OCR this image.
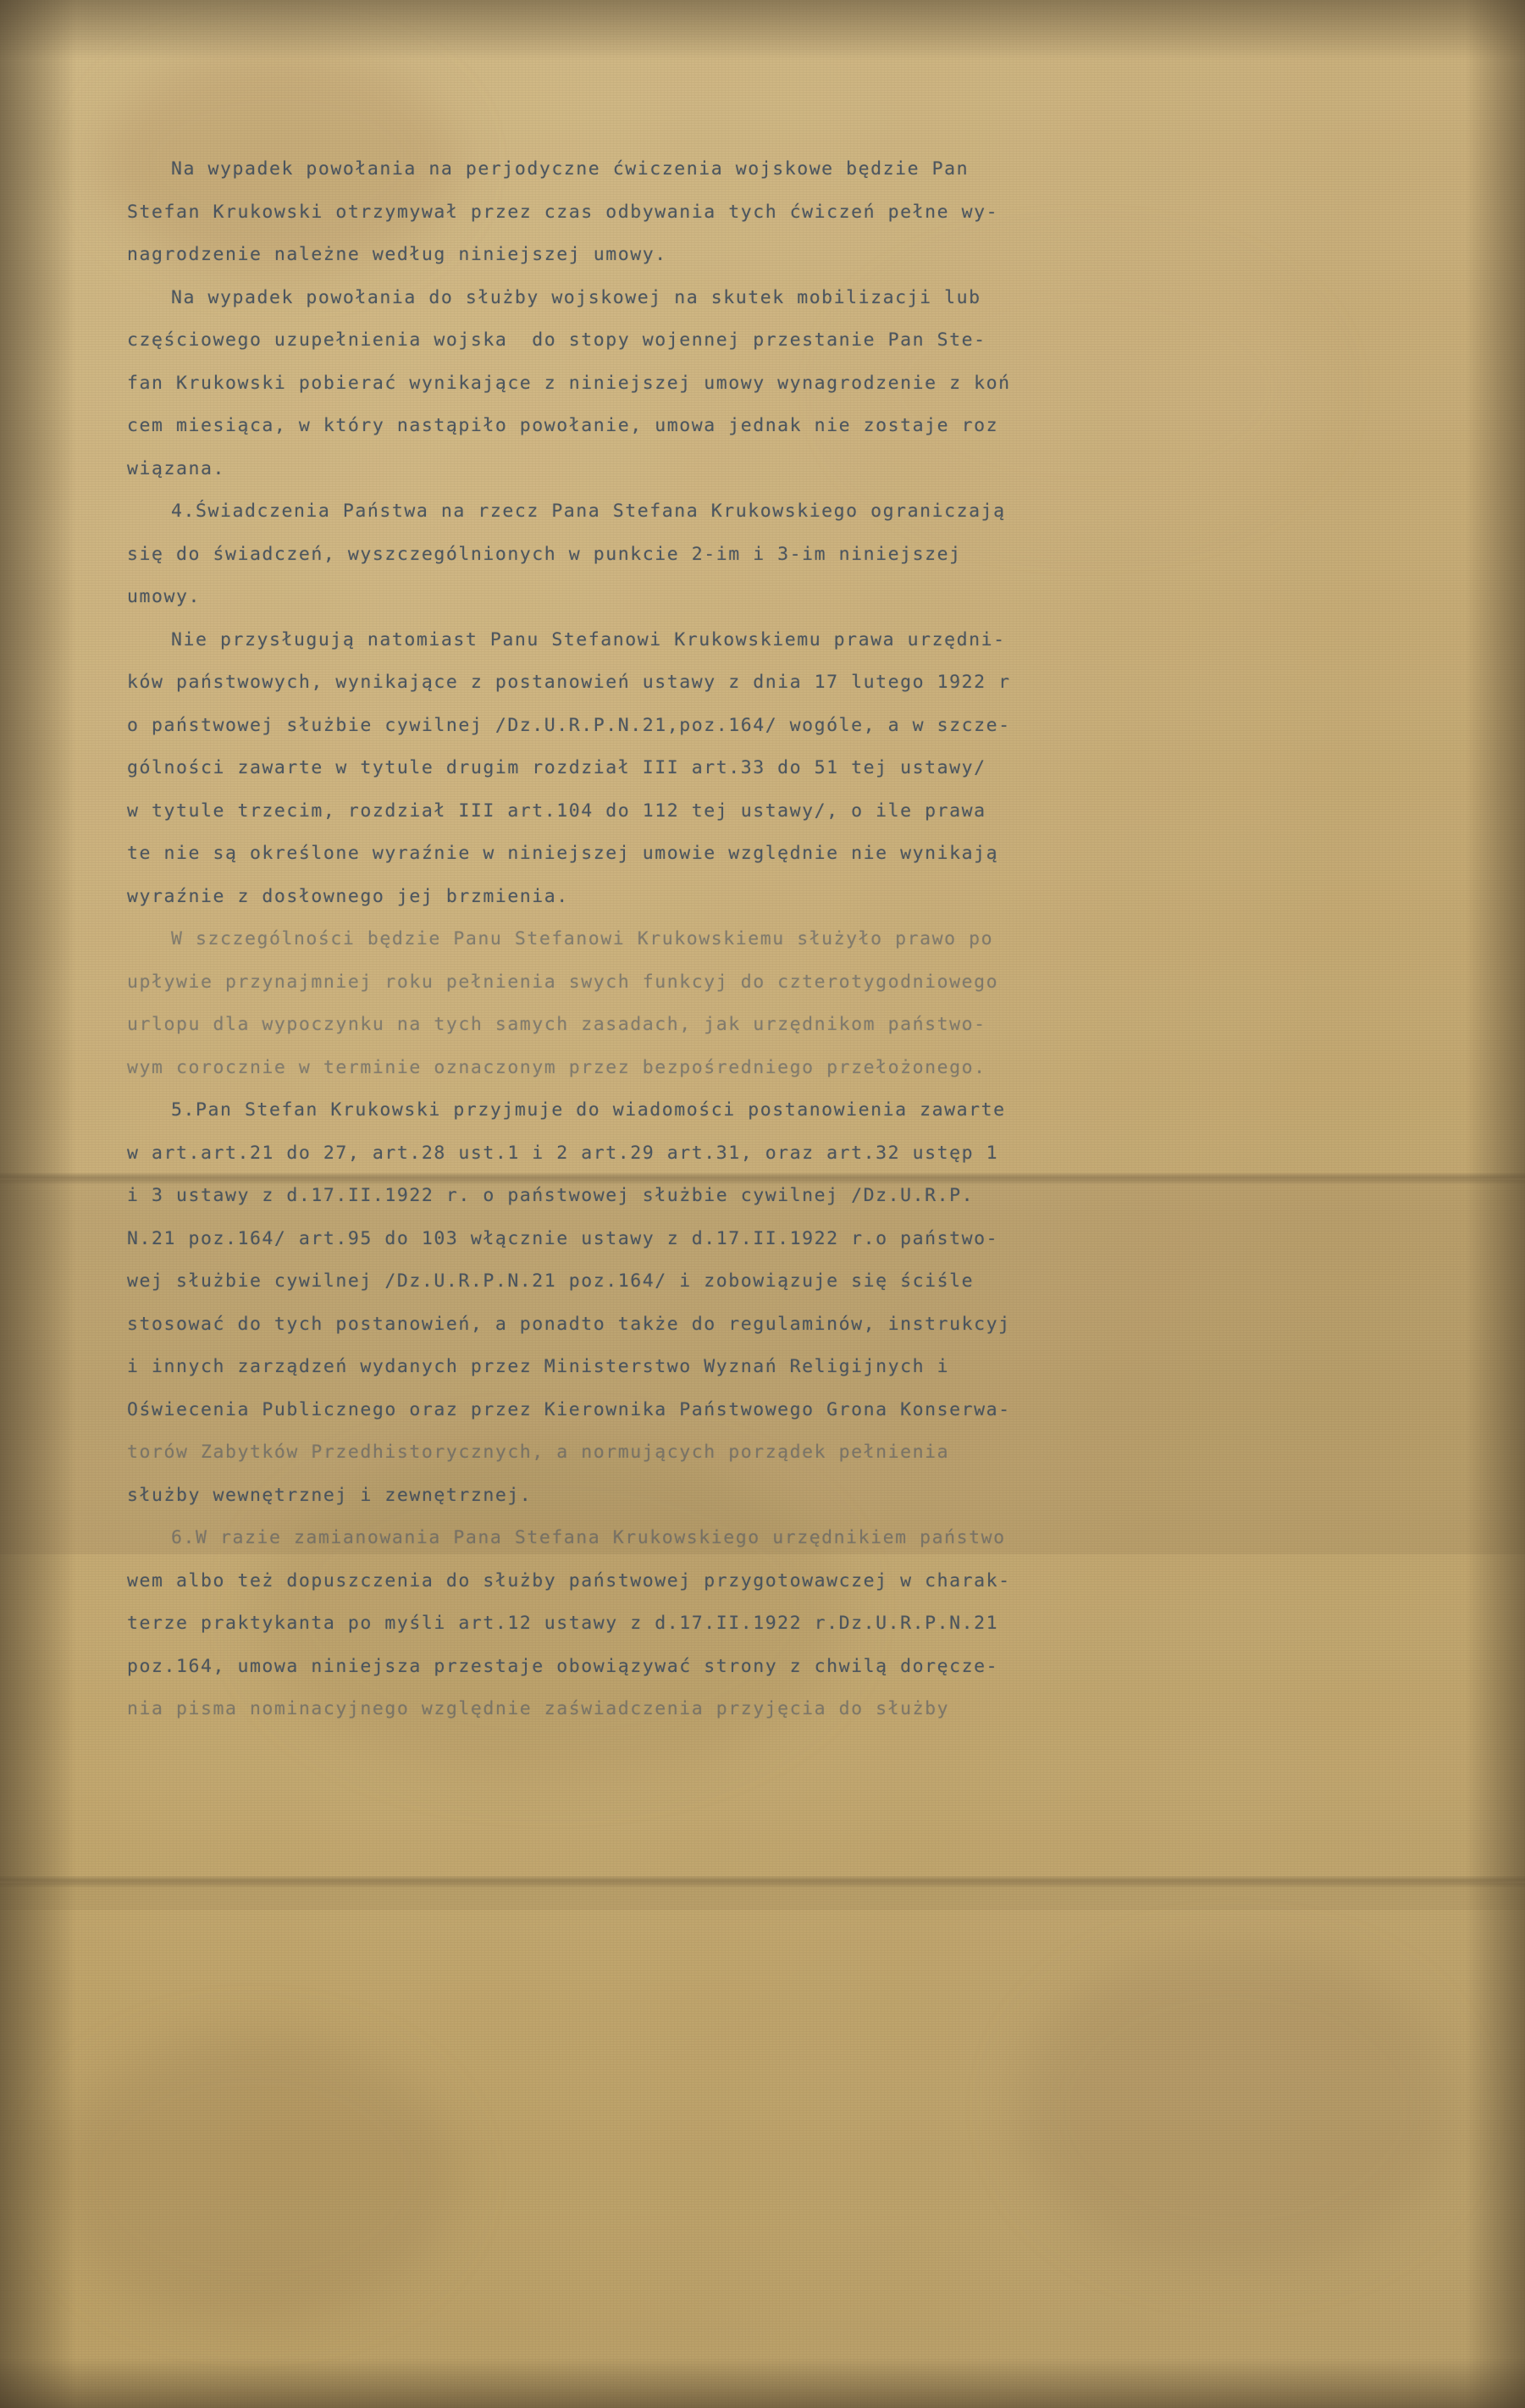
Na wypadek powołania na perjodyczne ćwiczenia wojskowe będzie Pan

Stefan Krukowski otrzymywał przez czas odbywania tych ćwiczeń pełne wy-

nagrodzenie należne według niniejszej umowy.

Na wypadek powołania do służby wojskowej na skutek mobilizacji lub

częściowego uzupełnienia wojska  do stopy wojennej przestanie Pan Ste-

fan Krukowski pobierać wynikające z niniejszej umowy wynagrodzenie z koń

cem miesiąca, w który nastąpiło powołanie, umowa jednak nie zostaje roz

wiązana.

4.Świadczenia Państwa na rzecz Pana Stefana Krukowskiego ograniczają

się do świadczeń, wyszczególnionych w punkcie 2-im i 3-im niniejszej

umowy.

Nie przysługują natomiast Panu Stefanowi Krukowskiemu prawa urzędni-

ków państwowych, wynikające z postanowień ustawy z dnia 17 lutego 1922 r

o państwowej służbie cywilnej /Dz.U.R.P.N.21,poz.164/ wogóle, a w szcze-

gólności zawarte w tytule drugim rozdział III art.33 do 51 tej ustawy/

w tytule trzecim, rozdział III art.104 do 112 tej ustawy/, o ile prawa

te nie są określone wyraźnie w niniejszej umowie względnie nie wynikają

wyraźnie z dosłownego jej brzmienia.

W szczególności będzie Panu Stefanowi Krukowskiemu służyło prawo po

upływie przynajmniej roku pełnienia swych funkcyj do czterotygodniowego

urlopu dla wypoczynku na tych samych zasadach, jak urzędnikom państwo-

wym corocznie w terminie oznaczonym przez bezpośredniego przełożonego.

5.Pan Stefan Krukowski przyjmuje do wiadomości postanowienia zawarte

w art.art.21 do 27, art.28 ust.1 i 2 art.29 art.31, oraz art.32 ustęp 1

i 3 ustawy z d.17.II.1922 r. o państwowej służbie cywilnej /Dz.U.R.P.

N.21 poz.164/ art.95 do 103 włącznie ustawy z d.17.II.1922 r.o państwo-

wej służbie cywilnej /Dz.U.R.P.N.21 poz.164/ i zobowiązuje się ściśle

stosować do tych postanowień, a ponadto także do regulaminów, instrukcyj

i innych zarządzeń wydanych przez Ministerstwo Wyznań Religijnych i

Oświecenia Publicznego oraz przez Kierownika Państwowego Grona Konserwa-

torów Zabytków Przedhistorycznych, a normujących porządek pełnienia

służby wewnętrznej i zewnętrznej.

6.W razie zamianowania Pana Stefana Krukowskiego urzędnikiem państwo

wem albo też dopuszczenia do służby państwowej przygotowawczej w charak-

terze praktykanta po myśli art.12 ustawy z d.17.II.1922 r.Dz.U.R.P.N.21

poz.164, umowa niniejsza przestaje obowiązywać strony z chwilą doręcze-

nia pisma nominacyjnego względnie zaświadczenia przyjęcia do służby
